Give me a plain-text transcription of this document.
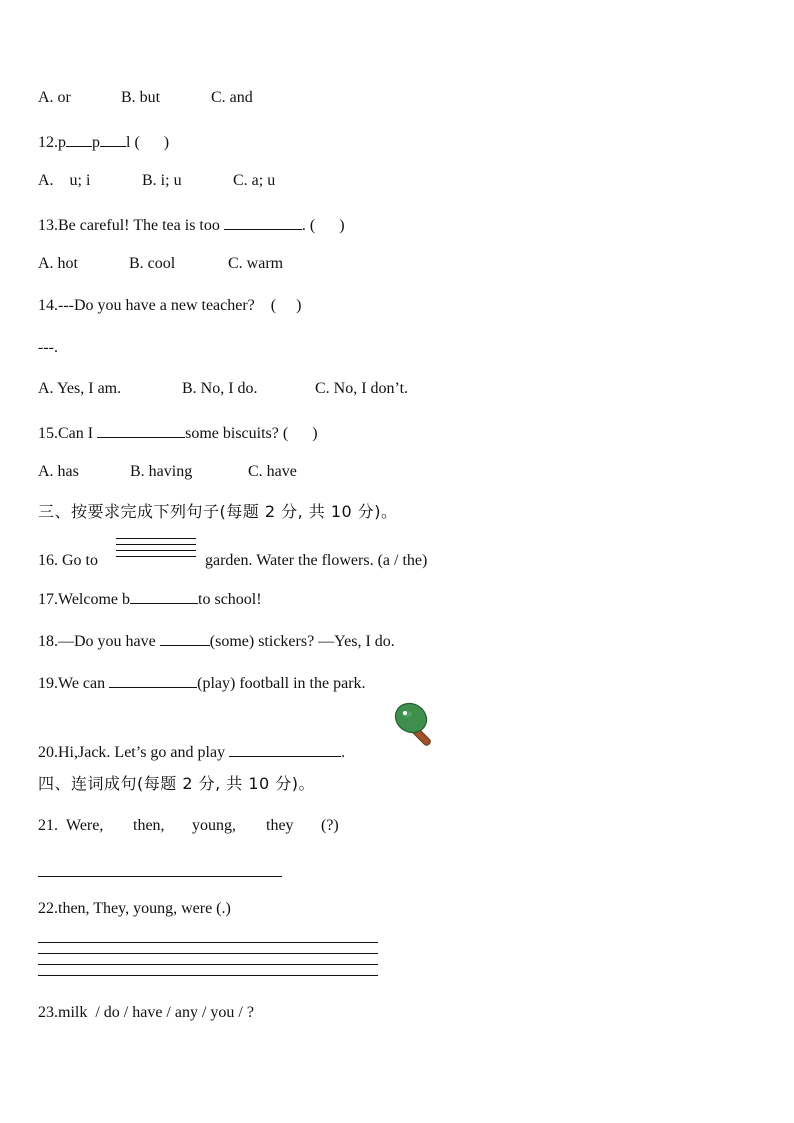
A. or	B. but	C. and
12.p p l (      )
A.    u; i	B. i; u	C. a; u
13.Be careful! The tea is too	. (      )
A. hot	B. cool	C. warm
14.---Do you have a new teacher?    (     )
---.
A. Yes, I am.	B. No, I do.	C. No, I don’t.
15.Can I	some biscuits? (      )
A. has	B. having	C. have
三、按要求完成下列句子(每题 2 分, 共 10 分)。
16. Go to	garden. Water the flowers. (a / the)
17.Welcome b	to school!
18.—Do you have	(some) stickers? —Yes, I do.
19.We can	(play) football in the park.
20.Hi,Jack. Let’s go and play	.
四、连词成句(每题 2 分, 共 10 分)。
21. Were, then, young, they (?)
22.then, They, young, were (.)
23.milk  / do / have / any / you / ?
